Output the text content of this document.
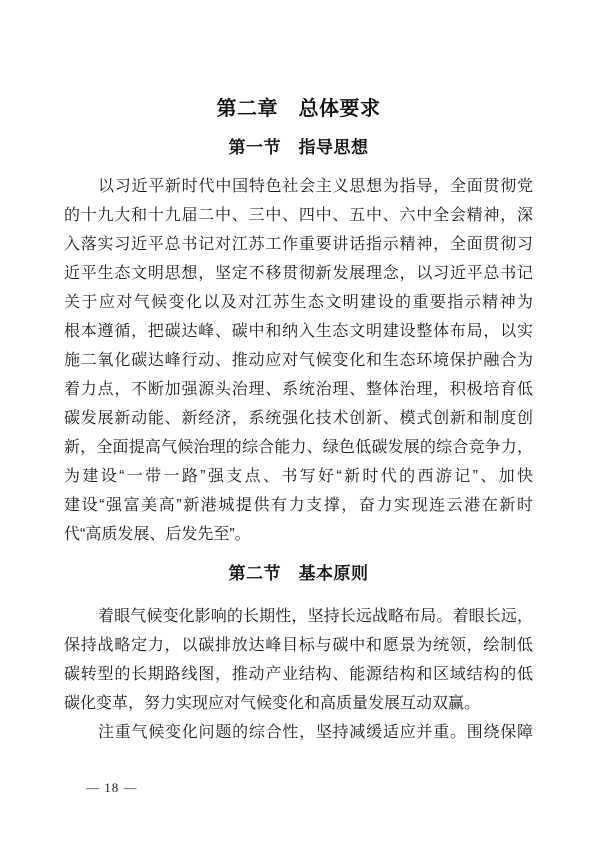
第二章　总体要求
第一节　指导思想
以习近平新时代中国特色社会主义思想为指导，全面贯彻党
的十九大和十九届二中、三中、四中、五中、六中全会精神，深
入落实习近平总书记对江苏工作重要讲话指示精神，全面贯彻习
近平生态文明思想，坚定不移贯彻新发展理念，以习近平总书记
关于应对气候变化以及对江苏生态文明建设的重要指示精神为
根本遵循，把碳达峰、碳中和纳入生态文明建设整体布局，以实
施二氧化碳达峰行动、推动应对气候变化和生态环境保护融合为
着力点，不断加强源头治理、系统治理、整体治理，积极培育低
碳发展新动能、新经济，系统强化技术创新、模式创新和制度创
新，全面提高气候治理的综合能力、绿色低碳发展的综合竞争力，
为建设“一带一路”强支点、书写好“新时代的西游记”、加快
建设“强富美高”新港城提供有力支撑，奋力实现连云港在新时
代“高质发展、后发先至”。
第二节　基本原则
着眼气候变化影响的长期性，坚持长远战略布局。着眼长远，
保持战略定力，以碳排放达峰目标与碳中和愿景为统领，绘制低
碳转型的长期路线图，推动产业结构、能源结构和区域结构的低
碳化变革，努力实现应对气候变化和高质量发展互动双赢。
注重气候变化问题的综合性，坚持减缓适应并重。围绕保障
— 18 —
